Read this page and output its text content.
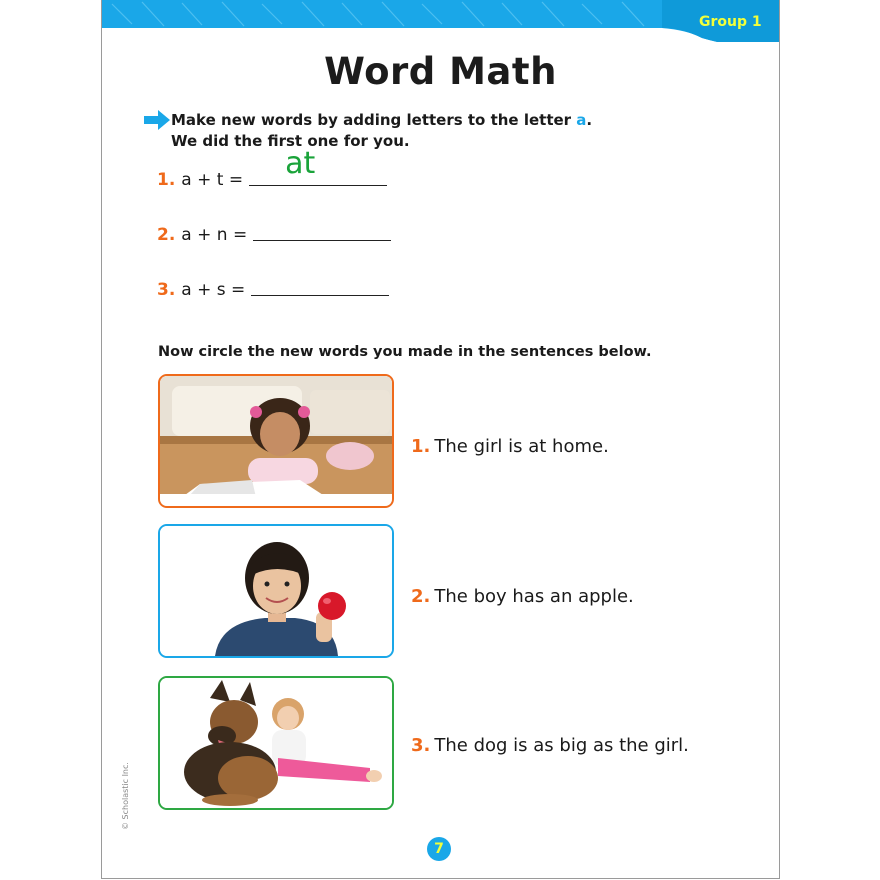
Group 1
Word Math
Make new words by adding letters to the letter a.
We did the first one for you.
1. a + t = at
2. a + n =
3. a + s =
Now circle the new words you made in the sentences below.
1. The girl is at home.
2. The boy has an apple.
3. The dog is as big as the girl.
© Scholastic Inc.
7
